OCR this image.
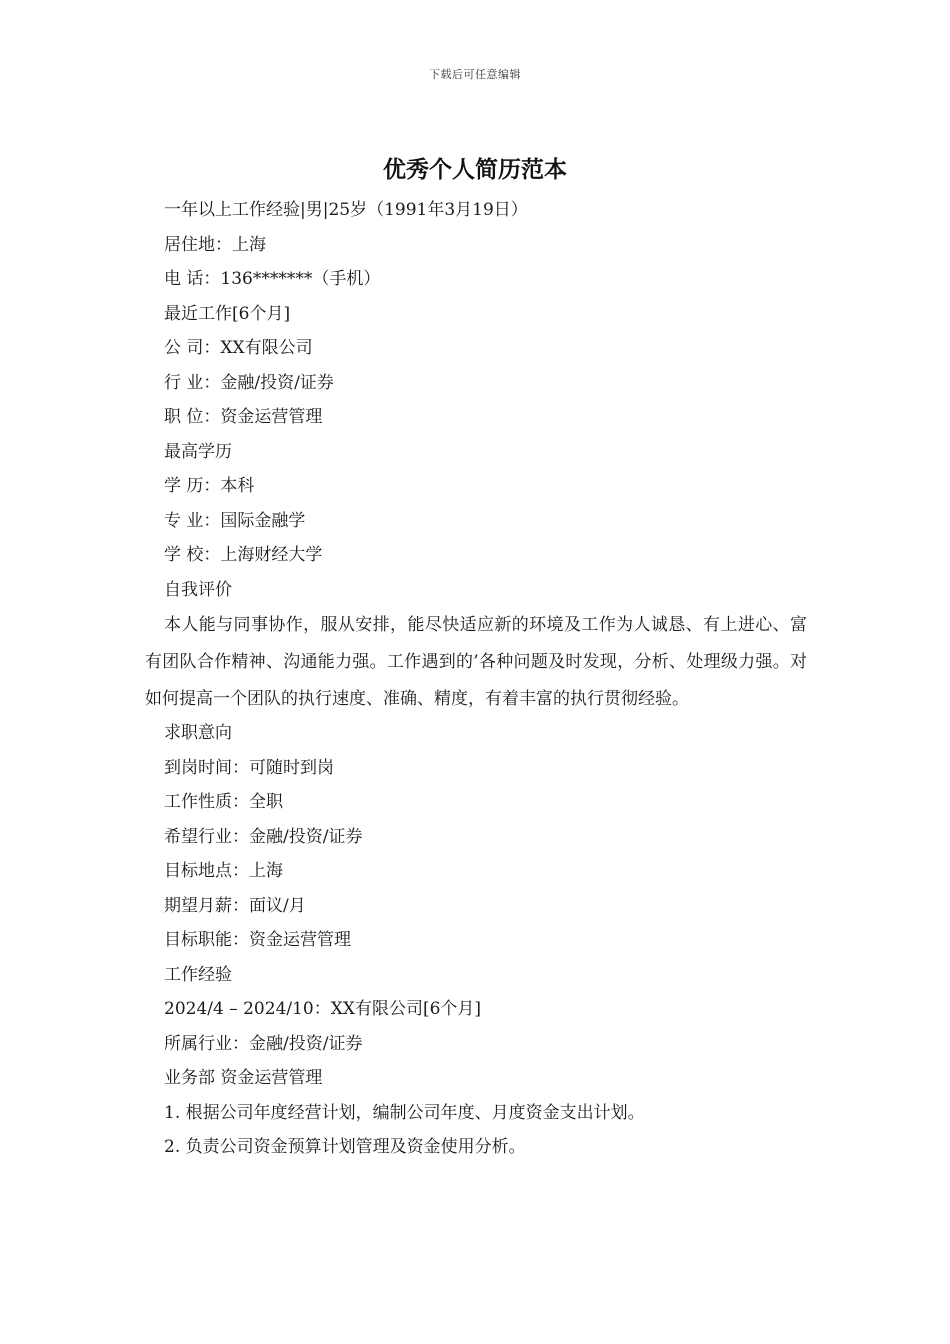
下载后可任意编辑
优秀个人简历范本

一年以上工作经验|男|25岁（1991年3月19日）

居住地：上海

电 话：136*******（手机）

最近工作[6个月]

公 司：XX有限公司

行 业：金融/投资/证券

职 位：资金运营管理

最高学历

学 历：本科

专 业：国际金融学

学 校：上海财经大学

自我评价

本人能与同事协作，服从安排，能尽快适应新的环境及工作为人诚恳、有上进心、富有团队合作精神、沟通能力强。工作遇到的’各种问题及时发现，分析、处理级力强。对如何提高一个团队的执行速度、准确、精度，有着丰富的执行贯彻经验。

求职意向

到岗时间：可随时到岗

工作性质：全职

希望行业：金融/投资/证券

目标地点：上海

期望月薪：面议/月

目标职能：资金运营管理

工作经验

2024/4 – 2024/10：XX有限公司[6个月]

所属行业：金融/投资/证券

业务部 资金运营管理

1. 根据公司年度经营计划，编制公司年度、月度资金支出计划。

2. 负责公司资金预算计划管理及资金使用分析。
